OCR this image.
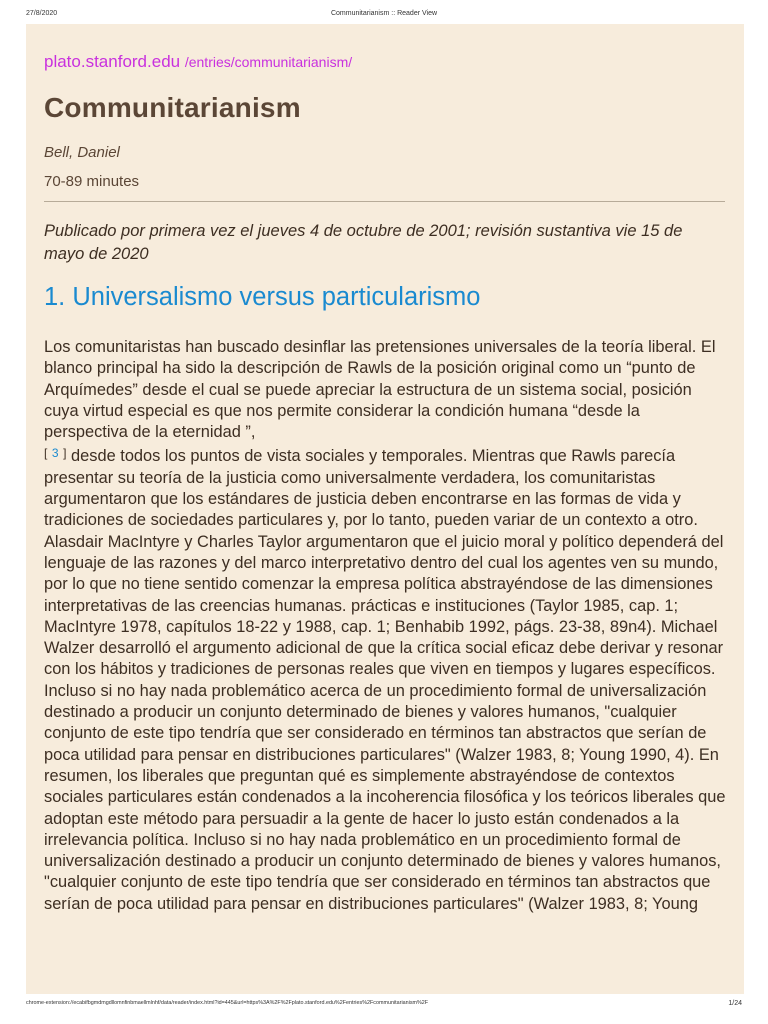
27/8/2020	Communitarianism :: Reader View
plato.stanford.edu /entries/communitarianism/
Communitarianism
Bell, Daniel
70-89 minutes

Publicado por primera vez el jueves 4 de octubre de 2001; revisión sustantiva vie 15 de mayo de 2020

1. Universalismo versus particularismo

Los comunitaristas han buscado desinflar las pretensiones universales de la teoría liberal. El blanco principal ha sido la descripción de Rawls de la posición original como un “punto de Arquímedes” desde el cual se puede apreciar la estructura de un sistema social, posición cuya virtud especial es que nos permite considerar la condición humana “desde la perspectiva de la eternidad ”,
[ $^3$ ] desde todos los puntos de vista sociales y temporales. Mientras que Rawls parecía presentar su teoría de la justicia como universalmente verdadera, los comunitaristas argumentaron que los estándares de justicia deben encontrarse en las formas de vida y tradiciones de sociedades particulares y, por lo tanto, pueden variar de un contexto a otro. Alasdair MacIntyre y Charles Taylor argumentaron que el juicio moral y político dependerá del lenguaje de las razones y del marco interpretativo dentro del cual los agentes ven su mundo, por lo que no tiene sentido comenzar la empresa política abstrayéndose de las dimensiones interpretativas de las creencias humanas. prácticas e instituciones (Taylor 1985, cap. 1; MacIntyre 1978, capítulos 18-22 y 1988, cap. 1; Benhabib 1992, págs. 23-38, 89n4). Michael Walzer desarrolló el argumento adicional de que la crítica social eficaz debe derivar y resonar con los hábitos y tradiciones de personas reales que viven en tiempos y lugares específicos. Incluso si no hay nada problemático acerca de un procedimiento formal de universalización destinado a producir un conjunto determinado de bienes y valores humanos, "cualquier conjunto de este tipo tendría que ser considerado en términos tan abstractos que serían de poca utilidad para pensar en distribuciones particulares" (Walzer 1983, 8; Young 1990, 4). En resumen, los liberales que preguntan qué es simplemente abstrayéndose de contextos sociales particulares están condenados a la incoherencia filosófica y los teóricos liberales que adoptan este método para persuadir a la gente de hacer lo justo están condenados a la irrelevancia política. Incluso si no hay nada problemático en un procedimiento formal de universalización destinado a producir un conjunto determinado de bienes y valores humanos, "cualquier conjunto de este tipo tendría que ser considerado en términos tan abstractos que serían de poca utilidad para pensar en distribuciones particulares" (Walzer 1983, 8; Young

chrome-extension://ecabifbgmdmgdllomnfinbmaellmlnhf/data/reader/index.html?id=445&url=https%3A%2F%2Fplato.stanford.edu%2Fentries%2Fcommunitarianism%2F	1/24
